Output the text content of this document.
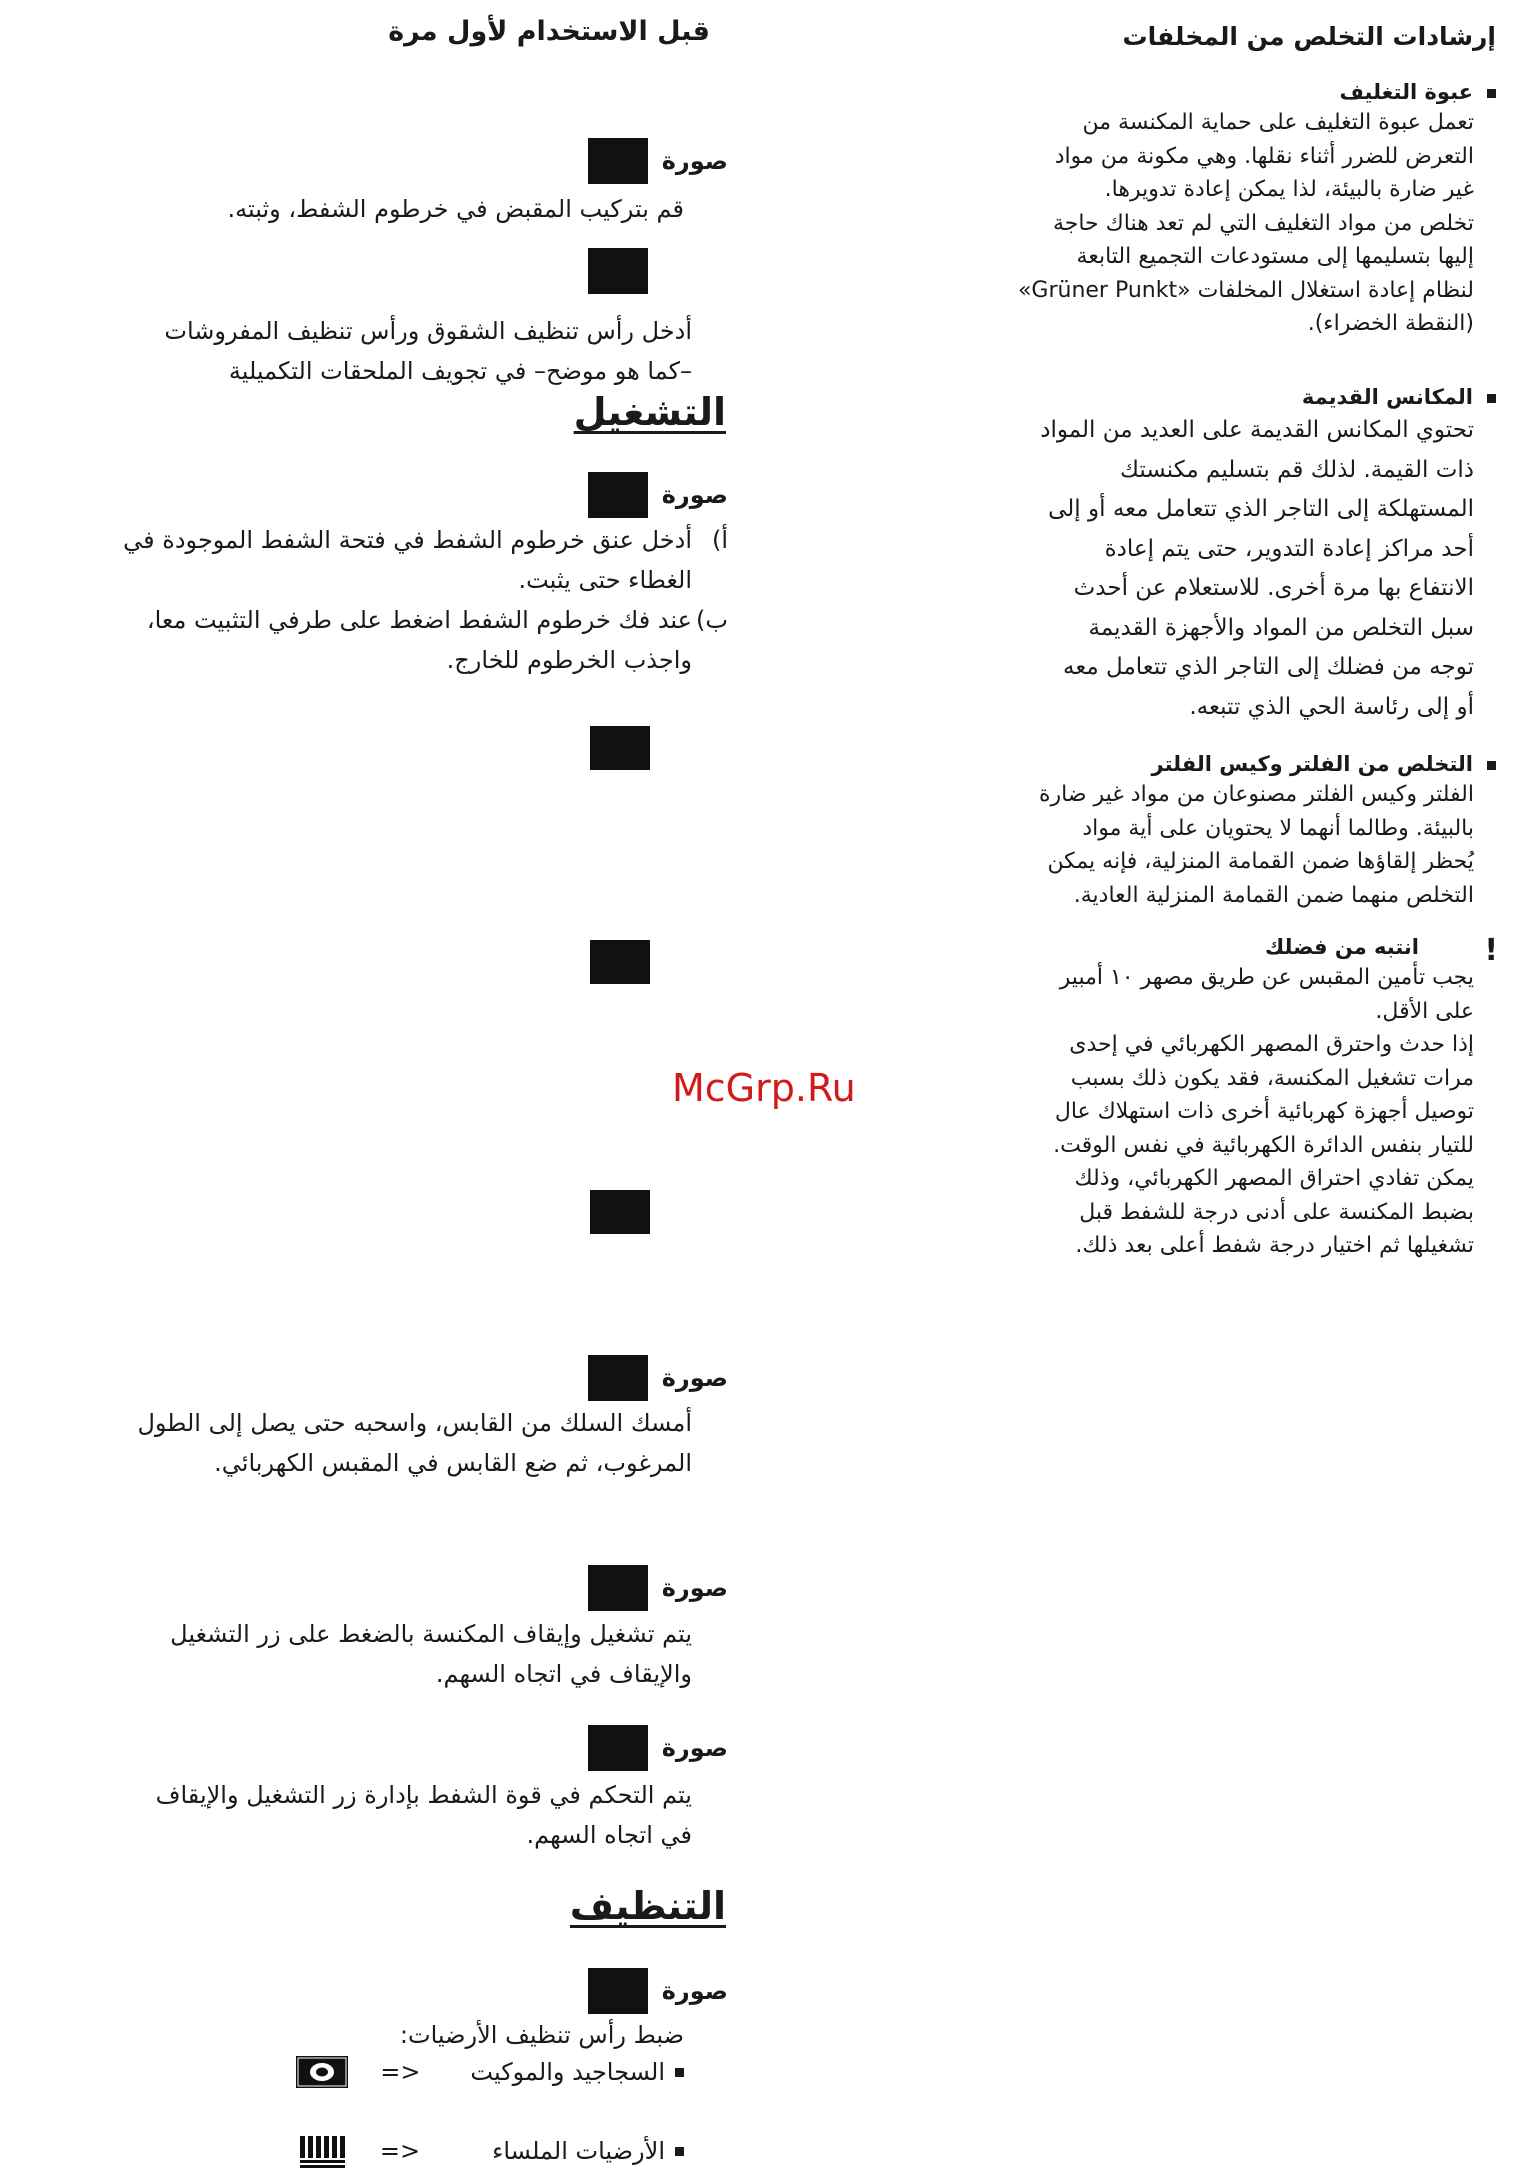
إرشادات التخلص من المخلفات
عبوة التغليف
تعمل عبوة التغليف على حماية المكنسة من
التعرض للضرر أثناء نقلها. وهي مكونة من مواد
غير ضارة بالبيئة، لذا يمكن إعادة تدويرها.
تخلص من مواد التغليف التي لم تعد هناك حاجة
إليها بتسليمها إلى مستودعات التجميع التابعة
لنظام إعادة استغلال المخلفات «Grüner Punkt»
(النقطة الخضراء).
المكانس القديمة
تحتوي المكانس القديمة على العديد من المواد
ذات القيمة. لذلك قم بتسليم مكنستك
المستهلكة إلى التاجر الذي تتعامل معه أو إلى
أحد مراكز إعادة التدوير، حتى يتم إعادة
الانتفاع بها مرة أخرى. للاستعلام عن أحدث
سبل التخلص من المواد والأجهزة القديمة
توجه من فضلك إلى التاجر الذي تتعامل معه
أو إلى رئاسة الحي الذي تتبعه.
التخلص من الفلتر وكيس الفلتر
الفلتر وكيس الفلتر مصنوعان من مواد غير ضارة
بالبيئة. وطالما أنهما لا يحتويان على أية مواد
يُحظر إلقاؤها ضمن القمامة المنزلية، فإنه يمكن
التخلص منهما ضمن القمامة المنزلية العادية.
!
انتبه من فضلك
يجب تأمين المقبس عن طريق مصهر ١٠ أمبير
على الأقل.
إذا حدث واحترق المصهر الكهربائي في إحدى
مرات تشغيل المكنسة، فقد يكون ذلك بسبب
توصيل أجهزة كهربائية أخرى ذات استهلاك عال
للتيار بنفس الدائرة الكهربائية في نفس الوقت.
يمكن تفادي احتراق المصهر الكهربائي، وذلك
بضبط المكنسة على أدنى درجة للشفط قبل
تشغيلها ثم اختيار درجة شفط أعلى بعد ذلك.
قبل الاستخدام لأول مرة
صورة
قم بتركيب المقبض في خرطوم الشفط، وثبته.
أدخل رأس تنظيف الشقوق ورأس تنظيف المفروشات
–كما هو موضح– في تجويف الملحقات التكميلية
التشغيل
صورة
أ)
أدخل عنق خرطوم الشفط في فتحة الشفط الموجودة في
الغطاء حتى يثبت.
ب)
عند فك خرطوم الشفط اضغط على طرفي التثبيت معا،
واجذب الخرطوم للخارج.
صورة
أمسك السلك من القابس، واسحبه حتى يصل إلى الطول
المرغوب، ثم ضع القابس في المقبس الكهربائي.
صورة
يتم تشغيل وإيقاف المكنسة بالضغط على زر التشغيل
والإيقاف في اتجاه السهم.
صورة
يتم التحكم في قوة الشفط بإدارة زر التشغيل والإيقاف
في اتجاه السهم.
التنظيف
صورة
ضبط رأس تنظيف الأرضيات:
السجاجيد والموكيت
<=
الأرضيات الملساء
<=
McGrp.Ru
